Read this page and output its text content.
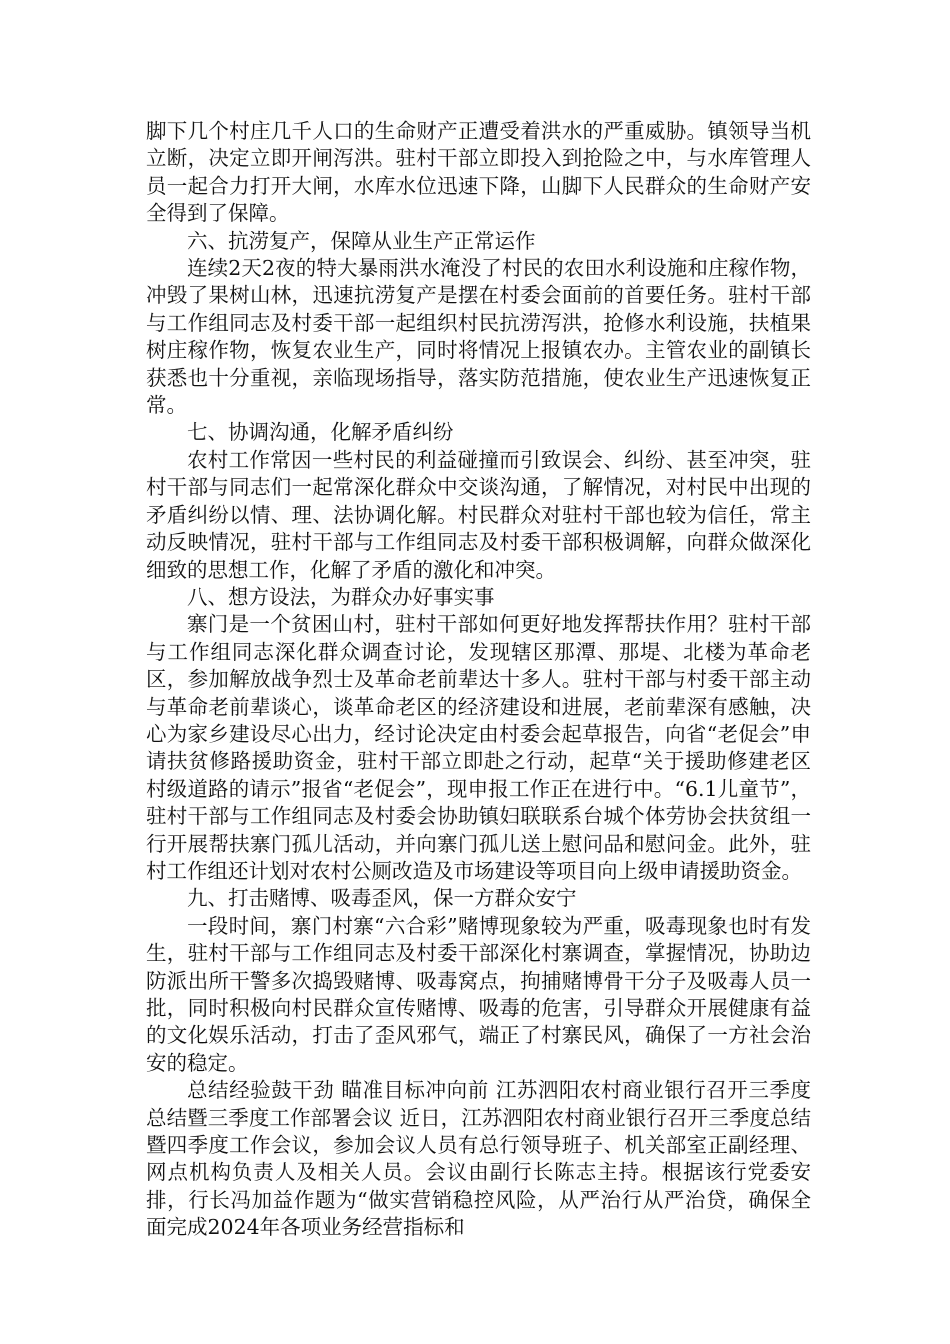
脚下几个村庄几千人口的生命财产正遭受着洪水的严重威胁。镇领导当机立断，决定立即开闸泻洪。驻村干部立即投入到抢险之中，与水库管理人员一起合力打开大闸，水库水位迅速下降，山脚下人民群众的生命财产安全得到了保障。

六、抗涝复产，保障从业生产正常运作

连续2天2夜的特大暴雨洪水淹没了村民的农田水利设施和庄稼作物，冲毁了果树山林，迅速抗涝复产是摆在村委会面前的首要任务。驻村干部与工作组同志及村委干部一起组织村民抗涝泻洪，抢修水利设施，扶植果树庄稼作物，恢复农业生产，同时将情况上报镇农办。主管农业的副镇长获悉也十分重视，亲临现场指导，落实防范措施，使农业生产迅速恢复正常。

七、协调沟通，化解矛盾纠纷

农村工作常因一些村民的利益碰撞而引致误会、纠纷、甚至冲突，驻村干部与同志们一起常深化群众中交谈沟通，了解情况，对村民中出现的矛盾纠纷以情、理、法协调化解。村民群众对驻村干部也较为信任，常主动反映情况，驻村干部与工作组同志及村委干部积极调解，向群众做深化细致的思想工作，化解了矛盾的激化和冲突。

八、想方设法，为群众办好事实事

寨门是一个贫困山村，驻村干部如何更好地发挥帮扶作用？驻村干部与工作组同志深化群众调查讨论，发现辖区那潭、那堤、北楼为革命老区，参加解放战争烈士及革命老前辈达十多人。驻村干部与村委干部主动与革命老前辈谈心，谈革命老区的经济建设和进展，老前辈深有感触，决心为家乡建设尽心出力，经讨论决定由村委会起草报告，向省“老促会”申请扶贫修路援助资金，驻村干部立即赴之行动，起草“关于援助修建老区村级道路的请示”报省“老促会”，现申报工作正在进行中。“6.1儿童节”，驻村干部与工作组同志及村委会协助镇妇联联系台城个体劳协会扶贫组一行开展帮扶寨门孤儿活动，并向寨门孤儿送上慰问品和慰问金。此外，驻村工作组还计划对农村公厕改造及市场建设等项目向上级申请援助资金。

九、打击赌博、吸毒歪风，保一方群众安宁

一段时间，寨门村寨“六合彩”赌博现象较为严重，吸毒现象也时有发生，驻村干部与工作组同志及村委干部深化村寨调查，掌握情况，协助边防派出所干警多次捣毁赌博、吸毒窝点，拘捕赌博骨干分子及吸毒人员一批，同时积极向村民群众宣传赌博、吸毒的危害，引导群众开展健康有益的文化娱乐活动，打击了歪风邪气，端正了村寨民风，确保了一方社会治安的稳定。

总结经验鼓干劲 瞄准目标冲向前 江苏泗阳农村商业银行召开三季度总结暨三季度工作部署会议 近日，江苏泗阳农村商业银行召开三季度总结暨四季度工作会议，参加会议人员有总行领导班子、机关部室正副经理、网点机构负责人及相关人员。会议由副行长陈志主持。根据该行党委安排，行长冯加益作题为“做实营销稳控风险，从严治行从严治贷，确保全面完成2024年各项业务经营指标和
